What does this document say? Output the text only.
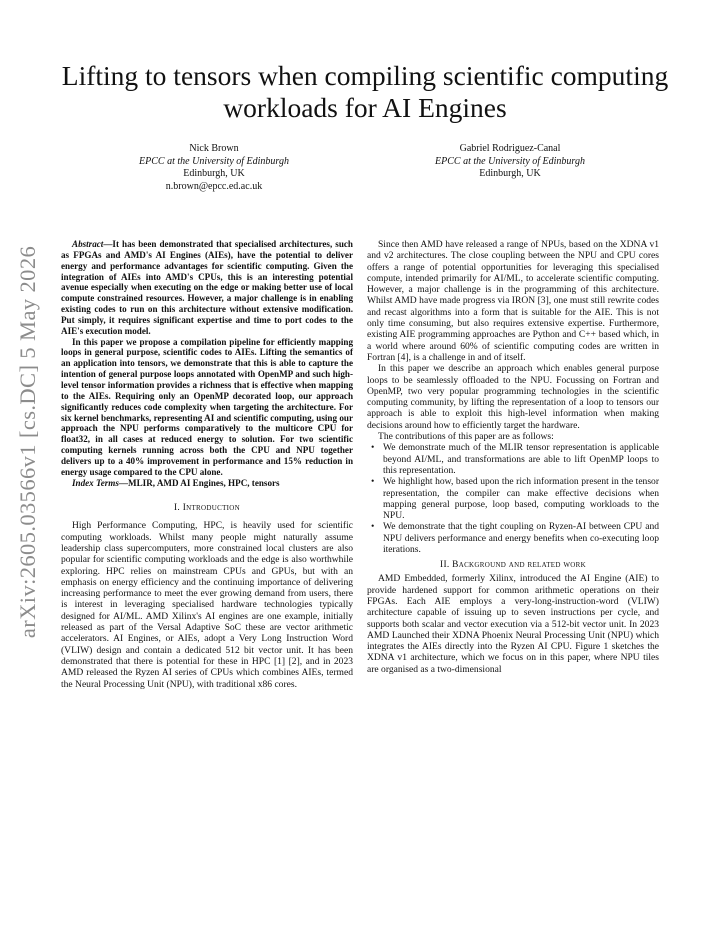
arXiv:2605.03566v1 [cs.DC] 5 May 2026
Lifting to tensors when compiling scientific computing workloads for AI Engines
Nick Brown
EPCC at the University of Edinburgh
Edinburgh, UK
n.brown@epcc.ed.ac.uk
Gabriel Rodriguez-Canal
EPCC at the University of Edinburgh
Edinburgh, UK

Abstract—It has been demonstrated that specialised architectures, such as FPGAs and AMD's AI Engines (AIEs), have the potential to deliver energy and performance advantages for scientific computing. Given the integration of AIEs into AMD's CPUs, this is an interesting potential avenue especially when executing on the edge or making better use of local compute constrained resources. However, a major challenge is in enabling existing codes to run on this architecture without extensive modification. Put simply, it requires significant expertise and time to port codes to the AIE's execution model.

In this paper we propose a compilation pipeline for efficiently mapping loops in general purpose, scientific codes to AIEs. Lifting the semantics of an application into tensors, we demonstrate that this is able to capture the intention of general purpose loops annotated with OpenMP and such high-level tensor information provides a richness that is effective when mapping to the AIEs. Requiring only an OpenMP decorated loop, our approach significantly reduces code complexity when targeting the architecture. For six kernel benchmarks, representing AI and scientific computing, using our approach the NPU performs comparatively to the multicore CPU for float32, in all cases at reduced energy to solution. For two scientific computing kernels running across both the CPU and NPU together delivers up to a 40% improvement in performance and 15% reduction in energy usage compared to the CPU alone.

Index Terms—MLIR, AMD AI Engines, HPC, tensors

I. Introduction

High Performance Computing, HPC, is heavily used for scientific computing workloads. Whilst many people might naturally assume leadership class supercomputers, more constrained local clusters are also popular for scientific computing workloads and the edge is also worthwhile exploring. HPC relies on mainstream CPUs and GPUs, but with an emphasis on energy efficiency and the continuing importance of delivering increasing performance to meet the ever growing demand from users, there is interest in leveraging specialised hardware technologies typically designed for AI/ML. AMD Xilinx's AI engines are one example, initially released as part of the Versal Adaptive SoC these are vector arithmetic accelerators. AI Engines, or AIEs, adopt a Very Long Instruction Word (VLIW) design and contain a dedicated 512 bit vector unit. It has been demonstrated that there is potential for these in HPC [1] [2], and in 2023 AMD released the Ryzen AI series of CPUs which combines AIEs, termed the Neural Processing Unit (NPU), with traditional x86 cores.

Since then AMD have released a range of NPUs, based on the XDNA v1 and v2 architectures. The close coupling between the NPU and CPU cores offers a range of potential opportunities for leveraging this specialised compute, intended primarily for AI/ML, to accelerate scientific computing. However, a major challenge is in the programming of this architecture. Whilst AMD have made progress via IRON [3], one must still rewrite codes and recast algorithms into a form that is suitable for the AIE. This is not only time consuming, but also requires extensive expertise. Furthermore, existing AIE programming approaches are Python and C++ based which, in a world where around 60% of scientific computing codes are written in Fortran [4], is a challenge in and of itself.

In this paper we describe an approach which enables general purpose loops to be seamlessly offloaded to the NPU. Focussing on Fortran and OpenMP, two very popular programming technologies in the scientific computing community, by lifting the representation of a loop to tensors our approach is able to exploit this high-level information when making decisions around how to efficiently target the hardware.

The contributions of this paper are as follows:

• We demonstrate much of the MLIR tensor representation is applicable beyond AI/ML, and transformations are able to lift OpenMP loops to this representation.
• We highlight how, based upon the rich information present in the tensor representation, the compiler can make effective decisions when mapping general purpose, loop based, computing workloads to the NPU.
• We demonstrate that the tight coupling on Ryzen-AI between CPU and NPU delivers performance and energy benefits when co-executing loop iterations.
II. Background and related work

AMD Embedded, formerly Xilinx, introduced the AI Engine (AIE) to provide hardened support for common arithmetic operations on their FPGAs. Each AIE employs a very-long-instruction-word (VLIW) architecture capable of issuing up to seven instructions per cycle, and supports both scalar and vector execution via a 512-bit vector unit. In 2023 AMD Launched their XDNA Phoenix Neural Processing Unit (NPU) which integrates the AIEs directly into the Ryzen AI CPU. Figure 1 sketches the XDNA v1 architecture, which we focus on in this paper, where NPU tiles are organised as a two-dimensional
